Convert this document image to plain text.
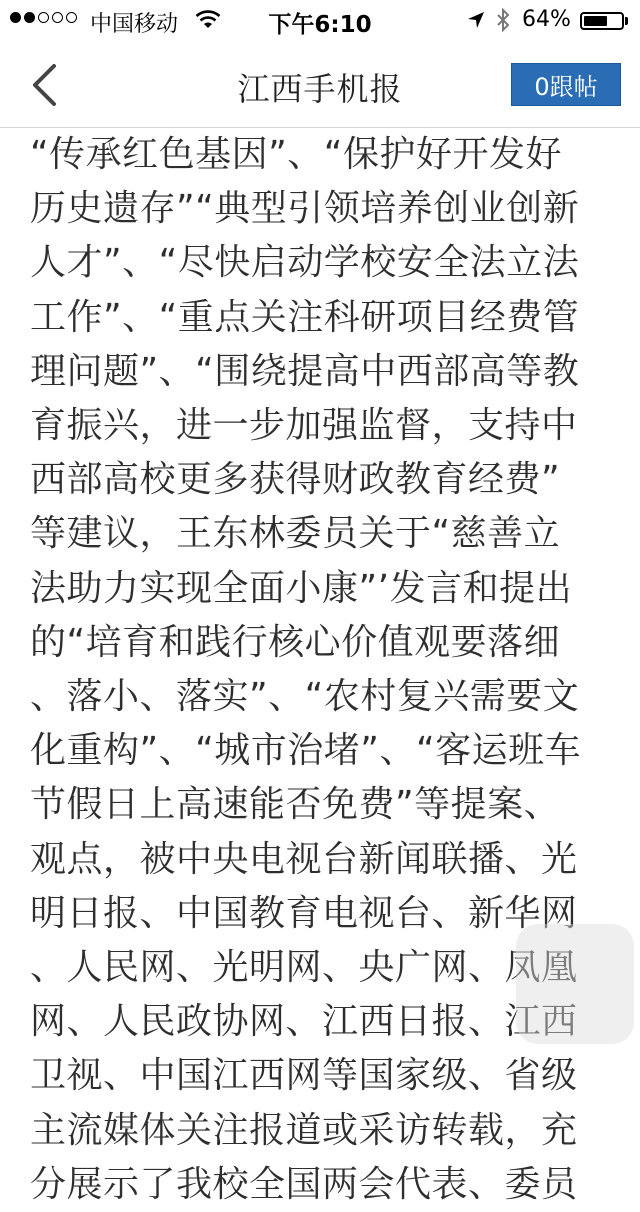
中国移动	下午6:10	64%
江西手机报	0跟帖

“传承红色基因”、“保护好开发好
历史遗存”“典型引领培养创业创新
人才”、“尽快启动学校安全法立法
工作”、“重点关注科研项目经费管
理问题”、“围绕提高中西部高等教
育振兴，进一步加强监督，支持中
西部高校更多获得财政教育经费”
等建议，王东林委员关于“慈善立
法助力实现全面小康”’发言和提出
的“培育和践行核心价值观要落细
、落小、落实”、“农村复兴需要文
化重构”、“城市治堵”、“客运班车
节假日上高速能否免费”等提案、
观点，被中央电视台新闻联播、光
明日报、中国教育电视台、新华网
、人民网、光明网、央广网、凤凰
网、人民政协网、江西日报、江西
卫视、中国江西网等国家级、省级
主流媒体关注报道或采访转载，充
分展示了我校全国两会代表、委员
